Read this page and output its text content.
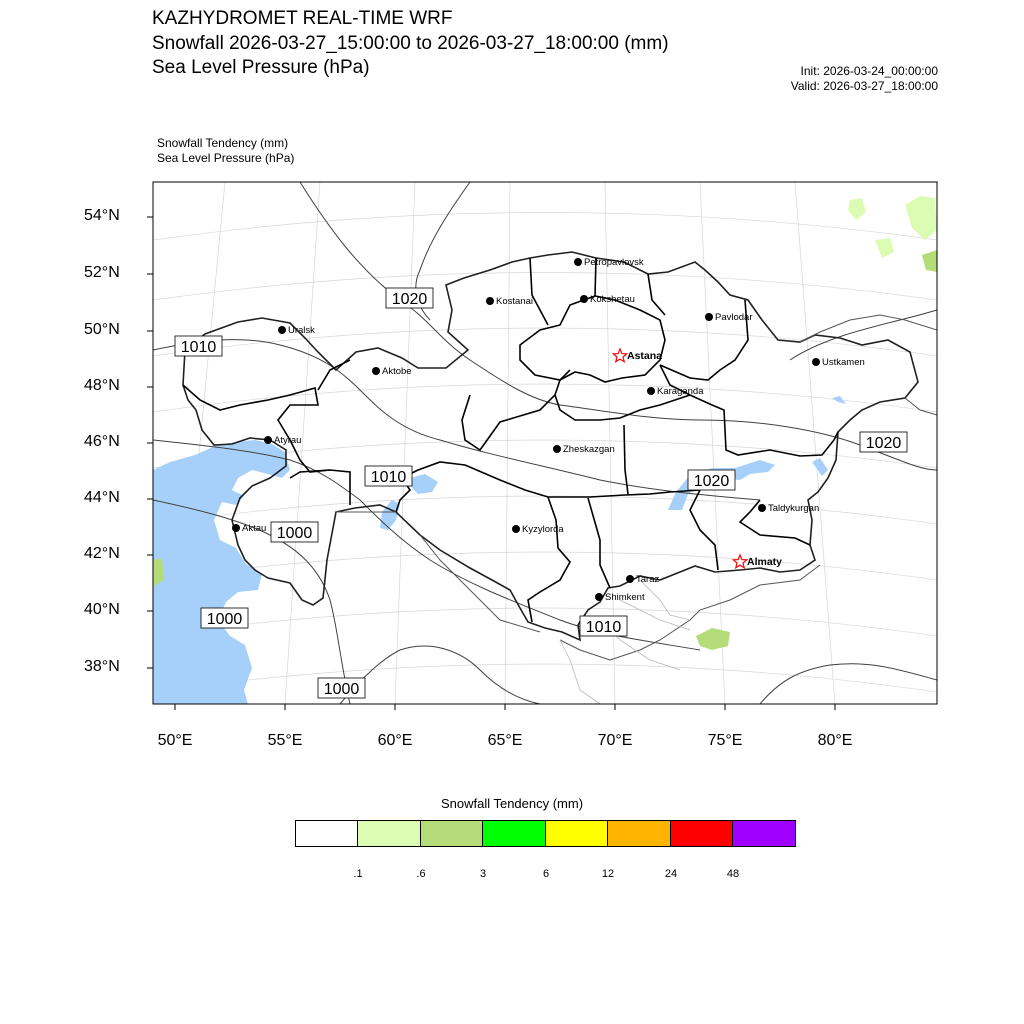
KAZHYDROMET REAL-TIME WRF
Snowfall 2026-03-27_15:00:00 to 2026-03-27_18:00:00 (mm)
Sea Level Pressure (hPa)	Init: 2026-03-24_00:00:00
Valid: 2026-03-27_18:00:00
Snowfall Tendency (mm)
Sea Level Pressure (hPa)
1020
1010
1010
1000
1000
1020
1020
1010
1000
Petropavlovsk
Kostanai	Kokshetau
Pavlodar
Uralsk
Astana
Aktobe
Ustkamen
Karaganda
Atyrau
Zheskazgan
Aktau
Taldykurgan
Kyzylorda
Almaty
Taraz
Shimkent
54°N
52°N
50°N
48°N
46°N
44°N
42°N
40°N
38°N
50°E	55°E	60°E	65°E	70°E	75°E	80°E
Snowfall Tendency (mm)
.1	.6	3	6	12	24	48
